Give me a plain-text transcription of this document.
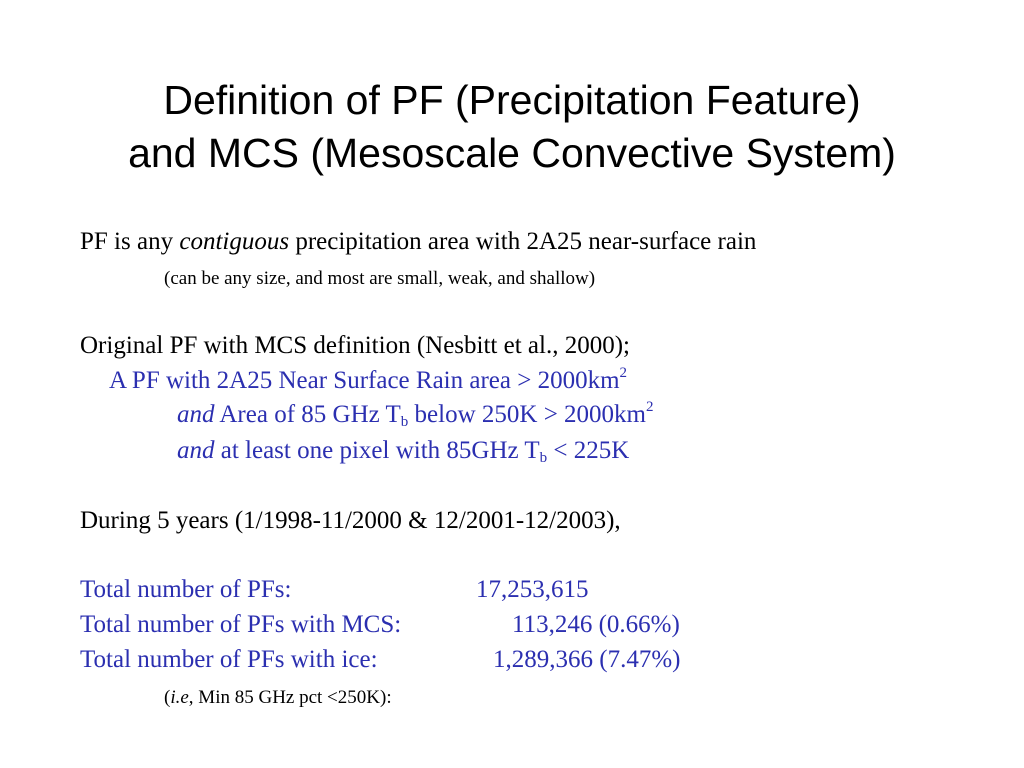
Definition of PF (Precipitation Feature)
and MCS (Mesoscale Convective System)

PF is any contiguous precipitation area with 2A25 near-surface rain

(can be any size, and most are small, weak, and shallow)

Original PF with MCS definition (Nesbitt et al., 2000);

A PF with 2A25 Near Surface Rain area > $2000km^2$

and Area of 85 GHz $T_b$ below $250K > 2000km^2$

and at least one pixel with 85GHz $T_b < 225K$

During 5 years (1/1998-11/2000 & 12/2001-12/2003),

Total number of PFs:	17,253,615
Total number of PFs with MCS:	113,246 (0.66%)
Total number of PFs with ice:	1,289,366 (7.47%)

(i.e, Min 85 GHz pct <250K):
